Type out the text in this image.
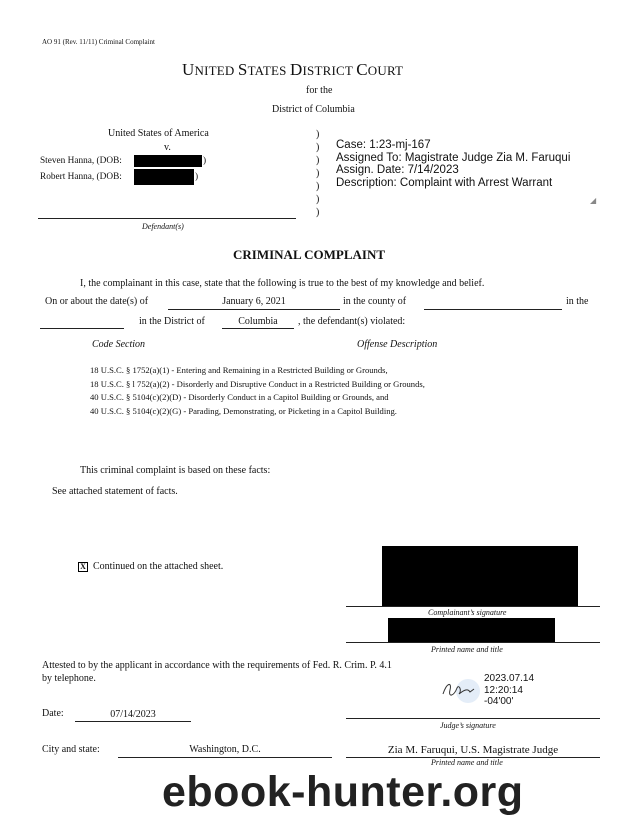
AO 91 (Rev. 11/11) Criminal Complaint
UNITED STATES DISTRICT COURT
for the
District of Columbia
United States of America
v.
Steven Hanna, (DOB:	)
Robert Hanna, (DOB:	)
Defendant(s)
)
)
)
)
)
)
)
Case: 1:23-mj-167
Assigned To: Magistrate Judge Zia M. Faruqui
Assign. Date: 7/14/2023
Description: Complaint with Arrest Warrant
◢
CRIMINAL COMPLAINT
I, the complainant in this case, state that the following is true to the best of my knowledge and belief.
On or about the date(s) of	January 6, 2021	in the county of	in the
in the District of	Columbia	, the defendant(s) violated:
Code Section	Offense Description
18 U.S.C. § 1752(a)(1) - Entering and Remaining in a Restricted Building or Grounds,
18 U.S.C. § l 752(a)(2) - Disorderly and Disruptive Conduct in a Restricted Building or Grounds,
40 U.S.C. § 5104(c)(2)(D) - Disorderly Conduct in a Capitol Building or Grounds, and
40 U.S.C. § 5104(c)(2)(G) - Parading, Demonstrating, or Picketing in a Capitol Building.
This criminal complaint is based on these facts:
See attached statement of facts.
X Continued on the attached sheet.
Complainant’s signature
Printed name and title
Attested to by the applicant in accordance with the requirements of Fed. R. Crim. P. 4.1
by telephone.	2023.07.14
12:20:14
-04'00'
Judge’s signature
Date:	07/14/2023
City and state:	Washington, D.C.	Zia M. Faruqui, U.S. Magistrate Judge
Printed name and title
ebook-hunter.org
